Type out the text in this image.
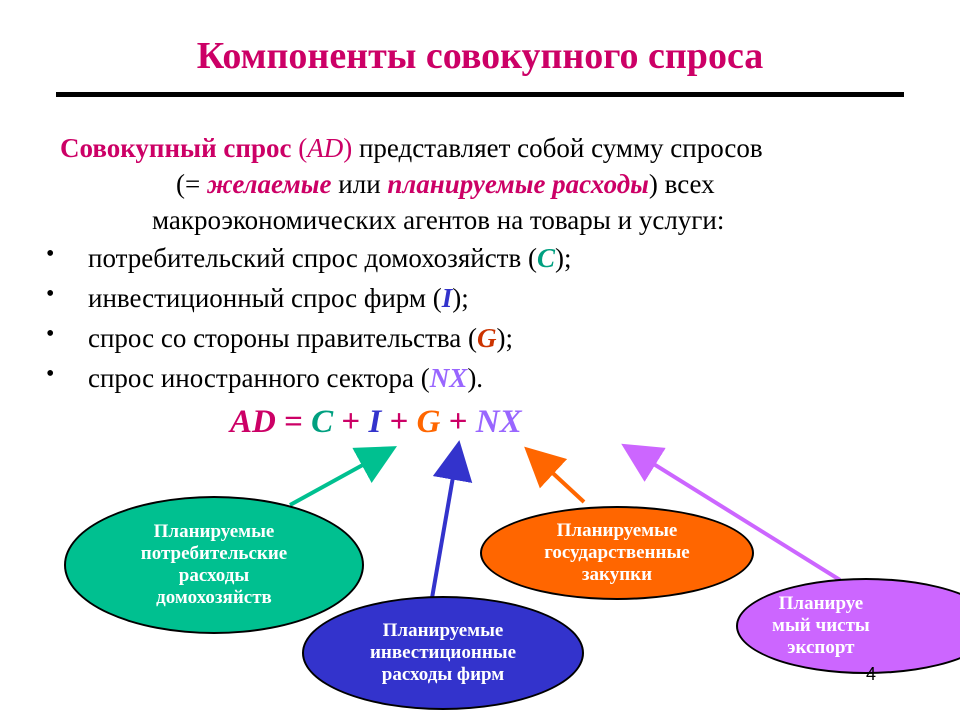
Компоненты совокупного спроса
Совокупный спрос (AD) представляет собой сумму спросов
(= желаемые или планируемые расходы) всех
макроэкономических агентов на товары и услуги:
• потребительский спрос домохозяйств (C);
• инвестиционный спрос фирм (I);
• спрос со стороны правительства (G);
• спрос иностранного сектора (NX).
AD = C + I + G + NX
Планируемые
потребительские
расходы
домохозяйств
Планируемые
государственные
закупки
Планируемые
инвестиционные
расходы фирм
Планируе
мый чисты
экспорт
4
